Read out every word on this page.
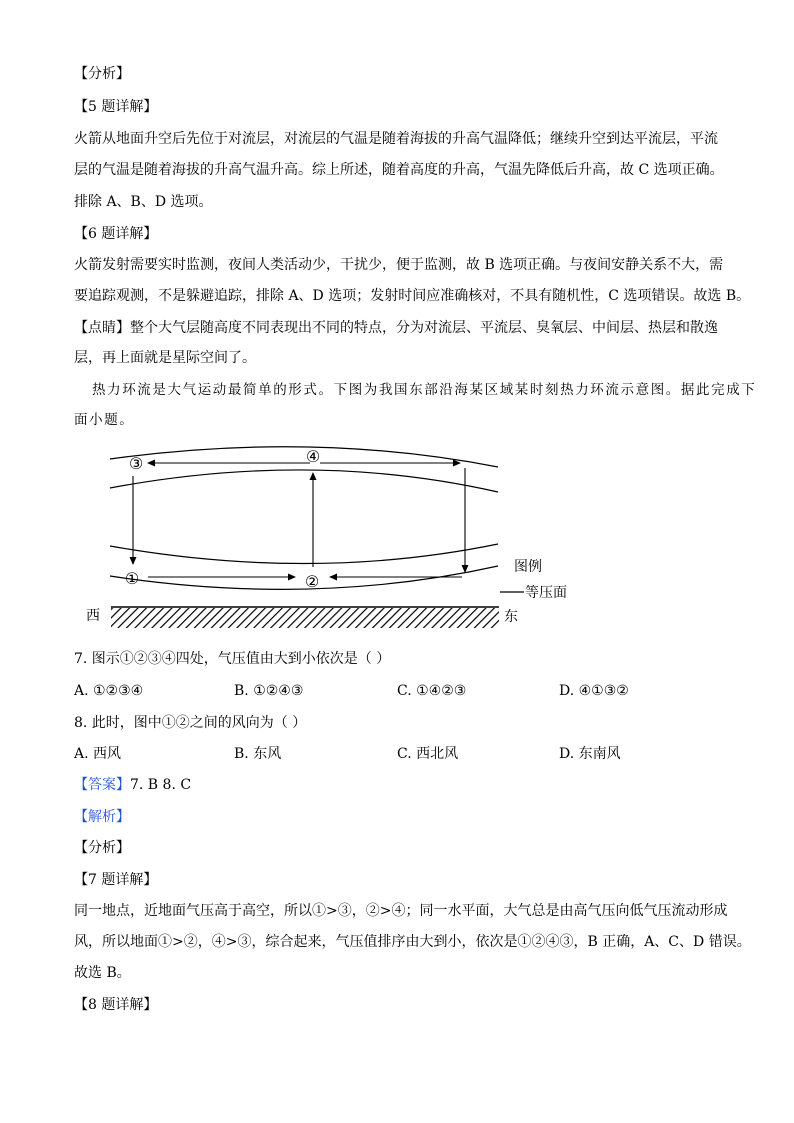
【分析】
【5 题详解】
火箭从地面升空后先位于对流层，对流层的气温是随着海拔的升高气温降低；继续升空到达平流层，平流
层的气温是随着海拔的升高气温升高。综上所述，随着高度的升高，气温先降低后升高，故 C 选项正确。
排除 A、B、D 选项。
【6 题详解】
火箭发射需要实时监测，夜间人类活动少，干扰少，便于监测，故 B 选项正确。与夜间安静关系不大，需
要追踪观测，不是躲避追踪，排除 A、D 选项；发射时间应准确核对，不具有随机性，C 选项错误。故选 B。
【点睛】整个大气层随高度不同表现出不同的特点，分为对流层、平流层、臭氧层、中间层、热层和散逸
层，再上面就是星际空间了。
热力环流是大气运动最简单的形式。下图为我国东部沿海某区域某时刻热力环流示意图。据此完成下
面小题。
③	④
①	②
西	东
图例
等压面
7. 图示①②③④四处，气压值由大到小依次是（ ）
A. ①②③④	B. ①②④③	C. ①④②③	D. ④①③②
8. 此时，图中①②之间的风向为（ ）
A. 西风	B. 东风	C. 西北风	D. 东南风
【答案】7. B 8. C
【解析】
【分析】
【7 题详解】
同一地点，近地面气压高于高空，所以①>③，②>④；同一水平面，大气总是由高气压向低气压流动形成
风，所以地面①>②，④>③，综合起来，气压值排序由大到小，依次是①②④③，B 正确，A、C、D 错误。
故选 B。
【8 题详解】
